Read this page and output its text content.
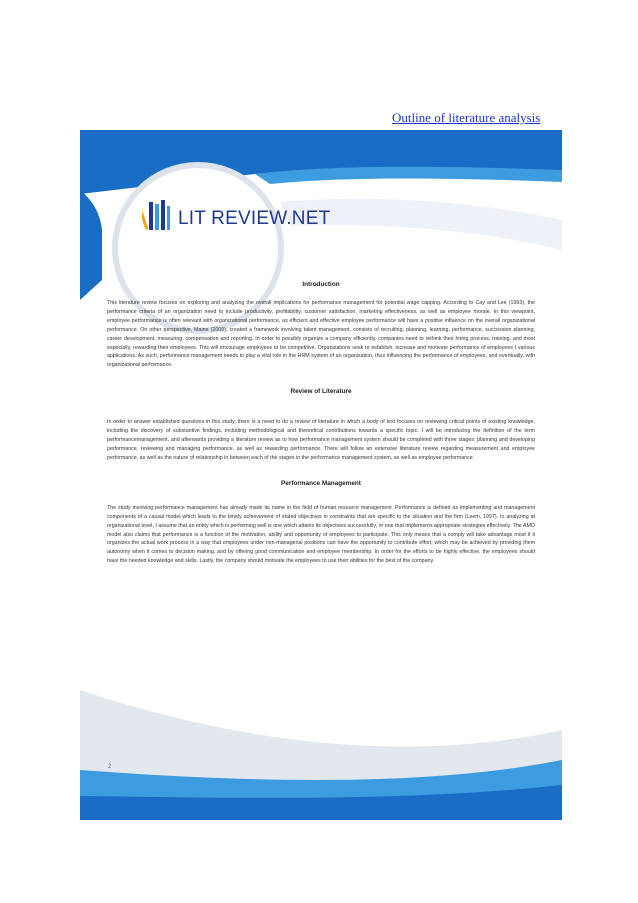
Outline of literature analysis
LIT REVIEW.NET
Introduction

This literature review focuses on exploring and analyzing the overall implications for performance management for potential wage capping. According to Cay and Lee (1993), the performance criteria of an organization need to include productivity, profitability, customer satisfaction, marketing effectiveness, as well as employee morale. In this viewpoint, employee performance is often relevant with organizational performance, as efficient and effective employee performance will have a positive influence on the overall organizational performance. On other perspective, Maine (2009), created a framework involving talent management, consists of recruiting, planning, learning, performance, succession planning, career development, measuring, compensation and reporting. In order to possibly organize a company efficiently, companies need to rethink their hiring process, training, and most especially, rewarding their employees. This will encourage employees to be competitive. Organizations seek to establish, increase and motivate performance of employees I various applications. As such, performance management needs to play a vital role in the HRM system of an organization, thus influencing the performance of employees, and eventually, with organizational performance.

Review of Literature

In order to answer established questions in this study, there is a need to do a review of literature in which a body of text focuses on reviewing critical points of existing knowledge, including the discovery of substantive findings, including methodological and theoretical contributions towards a specific topic. I will be introducing the definition of the term performancemanagement, and afterwards providing a literature review as to how performance management system should be completed with three stages: planning and developing performance, reviewing and managing performance, as well as rewarding performance. There will follow an extensive literature review regarding measurement and employee performance, as well as the nature of relationship in between each of the stages in the performance management system, as well as employee performance.

Performance Management

The study involving performance management has already made its name in the field of human resource management. Performance is defined as implementing and management components of a causal model which leads to the timely achievement of stated objectives in constraints that are specific to the situation and the firm (Leem, 1997). In analyzing at organizational level, I assume that an entity which is performing well is one which attains its objectives successfully, or one that implements appropriate strategies effectively. The AMO model also claims that performance is a function of the motivation, ability and opportunity of employees to participate. This only means that a comply will take advantage most if it organizes the actual work process in a way that employees under non-managerial positions can have the opportunity to contribute effort, which may be achieved by providing them autonomy when it comes to decision making, and by offering good communication and employee membership. In order for the efforts to be highly effective, the employees should have the needed knowledge and skills. Lastly, the company should motivate the employees to use their abilities for the best of the company.

2
